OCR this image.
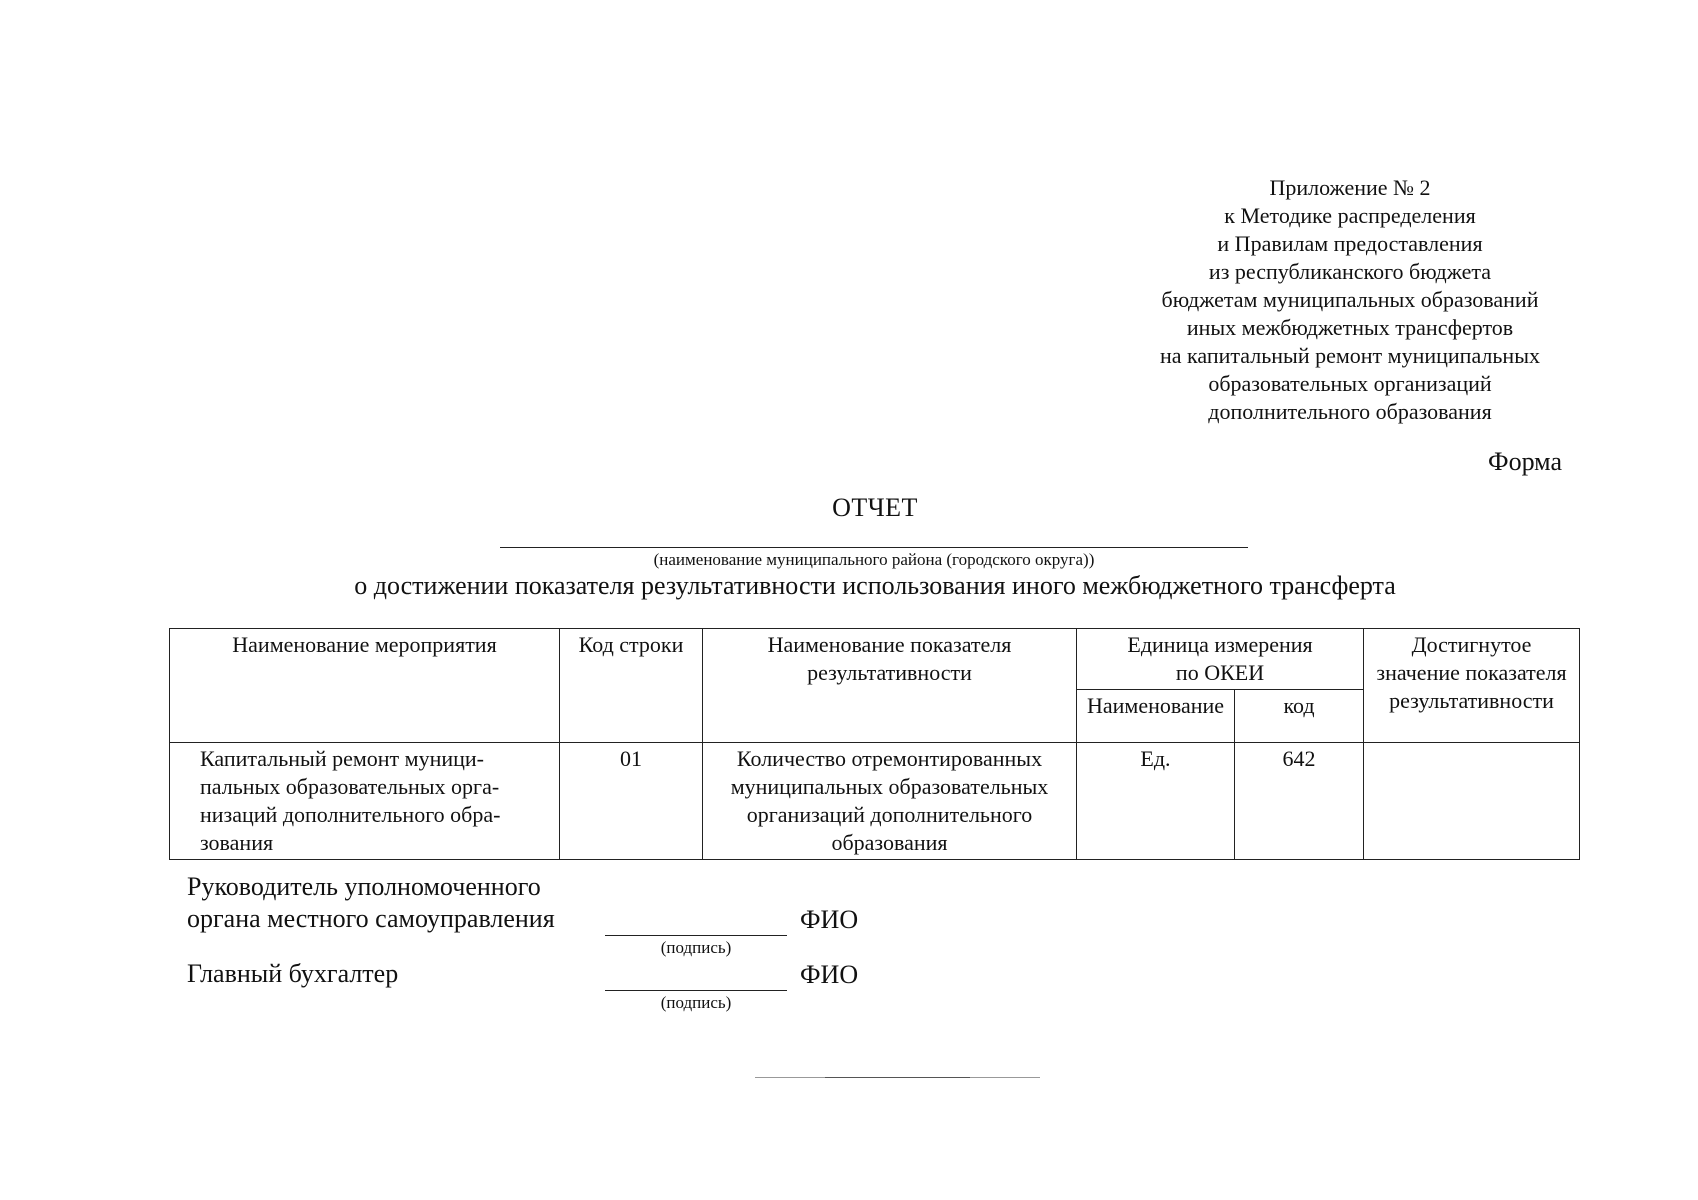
Приложение № 2
к Методике распределения
и Правилам предоставления
из республиканского бюджета
бюджетам муниципальных образований
иных межбюджетных трансфертов
на капитальный ремонт муниципальных
образовательных организаций
дополнительного образования
Форма
ОТЧЕТ
(наименование муниципального района (городского округа))
о достижении показателя результативности использования иного межбюджетного трансферта
Наименование мероприятия	Код строки	Наименование показателя результативности	Единица измерения по ОКЕИ		Достигнутое значение показателя результативности
			Наименование	код	
Капитальный ремонт муници-пальных образовательных орга-низаций дополнительного обра-зования	01	Количество отремонтированных муниципальных образовательных организаций дополнительного образования	Ед.	642	
Руководитель уполномоченного
органа местного самоуправления
(подпись)
ФИО
Главный бухгалтер
(подпись)
ФИО
